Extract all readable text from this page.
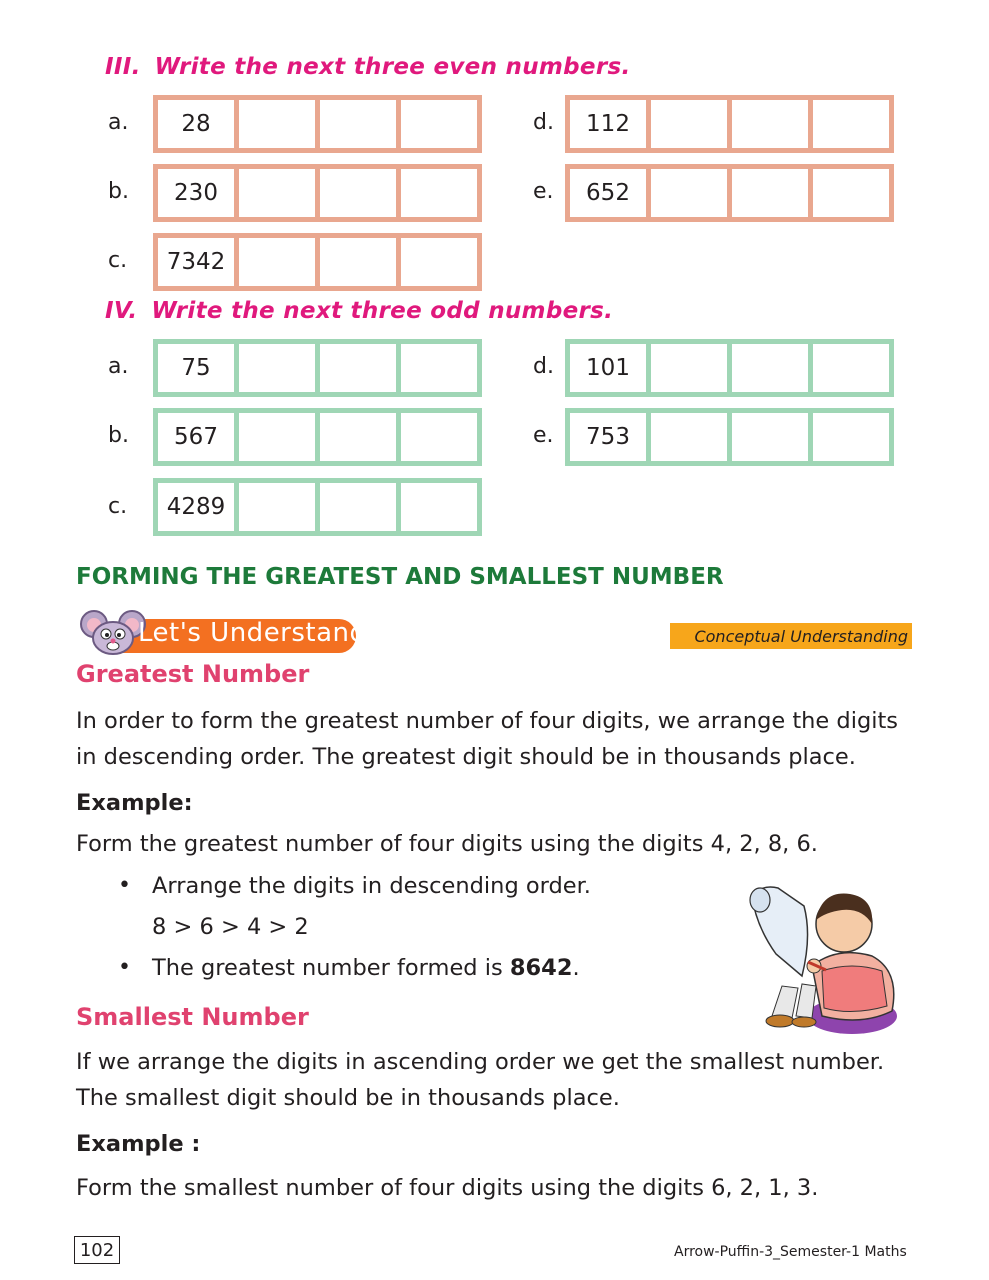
III. Write the next three even numbers.
a.	28
b.	230
c.	7342
d.	112
e.	652
IV. Write the next three odd numbers.
a.	75
b.	567
c.	4289
d.	101
e.	753
FORMING THE GREATEST AND SMALLEST NUMBER
Let's Understand	Conceptual Understanding
Greatest Number
In order to form the greatest number of four digits, we arrange the digits
in descending order. The greatest digit should be in thousands place.
Example:
Form the greatest number of four digits using the digits 4, 2, 8, 6.
• Arrange the digits in descending order.
8 > 6 > 4 > 2
• The greatest number formed is 8642.
Smallest Number
If we arrange the digits in ascending order we get the smallest number.
The smallest digit should be in thousands place.
Example :
Form the smallest number of four digits using the digits 6, 2, 1, 3.
102	Arrow-Puffin-3_Semester-1 Maths
